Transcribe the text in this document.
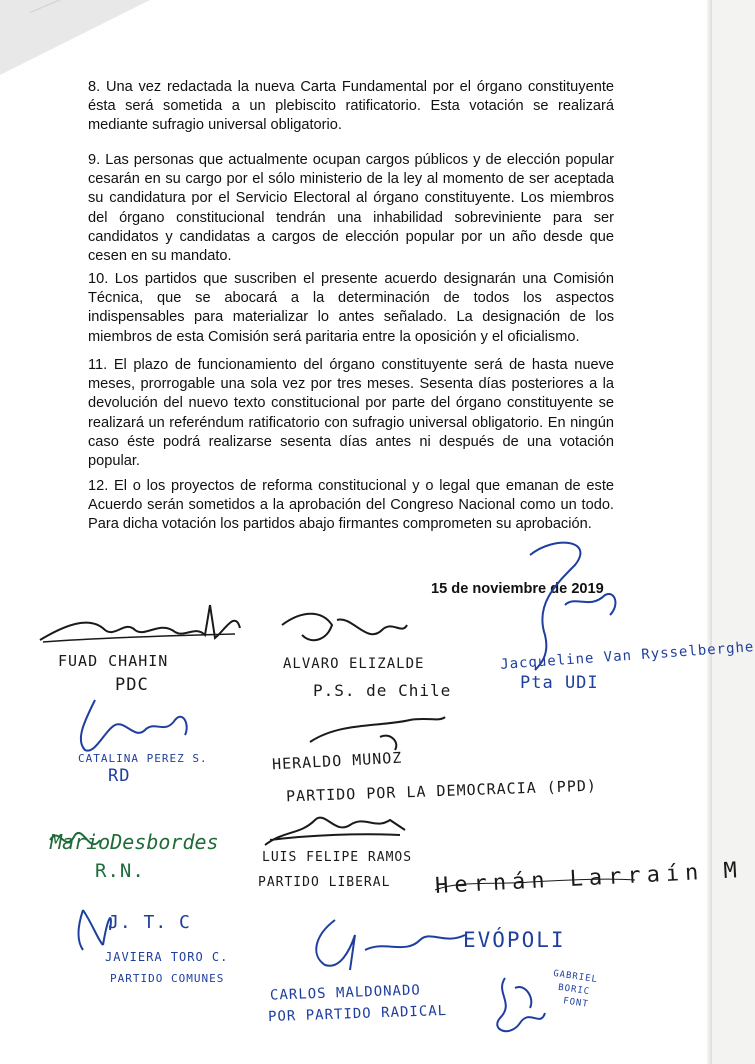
8. Una vez redactada la nueva Carta Fundamental por el órgano constituyente ésta será sometida a un plebiscito ratificatorio. Esta votación se realizará mediante sufragio universal obligatorio.

9. Las personas que actualmente ocupan cargos públicos y de elección popular cesarán en su cargo por el sólo ministerio de la ley al momento de ser aceptada su candidatura por el Servicio Electoral al órgano constituyente. Los miembros del órgano constitucional tendrán una inhabilidad sobreviniente para ser candidatos y candidatas a cargos de elección popular por un año desde que cesen en su mandato.

10. Los partidos que suscriben el presente acuerdo designarán una Comisión Técnica, que se abocará a la determinación de todos los aspectos indispensables para materializar lo antes señalado. La designación de los miembros de esta Comisión será paritaria entre la oposición y el oficialismo.

11. El plazo de funcionamiento del órgano constituyente será de hasta nueve meses, prorrogable una sola vez por tres meses. Sesenta días posteriores a la devolución del nuevo texto constitucional por parte del órgano constituyente se realizará un referéndum ratificatorio con sufragio universal obligatorio. En ningún caso éste podrá realizarse sesenta días antes ni después de una votación popular.

12. El o los proyectos de reforma constitucional y o legal que emanan de este Acuerdo serán sometidos a la aprobación del Congreso Nacional como un todo. Para dicha votación los partidos abajo firmantes comprometen su aprobación.

15 de noviembre de 2019

FUAD CHAHIN

PDC

ALVARO ELIZALDE

P.S. de Chile

Jacqueline Van Rysselberghe

Pta UDI

CATALINA PEREZ S.

RD

HERALDO MUNOZ

PARTIDO POR LA DEMOCRACIA (PPD)

MarioDesbordes

R.N.

LUIS FELIPE RAMOS

PARTIDO LIBERAL Hernán Larraín M

J. T. C

JAVIERA TORO C.

PARTIDO COMUNES

EVÓPOLI

CARLOS MALDONADO

POR PARTIDO RADICAL

GABRIEL

BORIC

FONT
